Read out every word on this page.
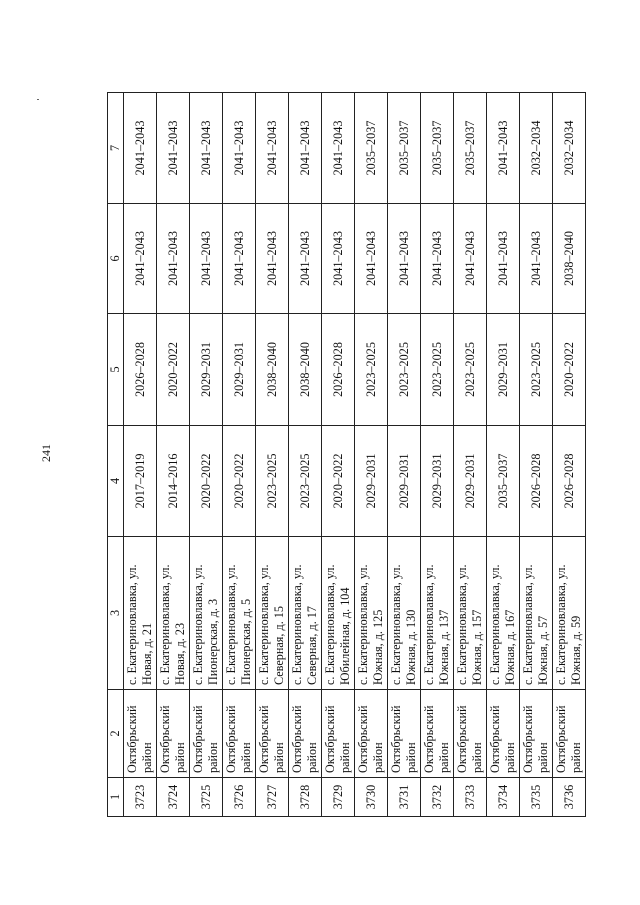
241
1	2	3	4	5	6	7
3723	Октябрьский район	с. Екатериновлавка, ул. Новая, д. 21	2017–2019	2026–2028	2041–2043	2041–2043
3724	Октябрьский район	с. Екатериновлавка, ул. Новая, д. 23	2014–2016	2020–2022	2041–2043	2041–2043
3725	Октябрьский район	с. Екатериновлавка, ул. Пионерская, д. 3	2020–2022	2029–2031	2041–2043	2041–2043
3726	Октябрьский район	с. Екатериновлавка, ул. Пионерская, д. 5	2020–2022	2029–2031	2041–2043	2041–2043
3727	Октябрьский район	с. Екатериновлавка, ул. Северная, д. 15	2023–2025	2038–2040	2041–2043	2041–2043
3728	Октябрьский район	с. Екатериновлавка, ул. Северная, д. 17	2023–2025	2038–2040	2041–2043	2041–2043
3729	Октябрьский район	с. Екатериновлавка, ул. Юбилейная, д. 104	2020–2022	2026–2028	2041–2043	2041–2043
3730	Октябрьский район	с. Екатериновлавка, ул. Южная, д. 125	2029–2031	2023–2025	2041–2043	2035–2037
3731	Октябрьский район	с. Екатериновлавка, ул. Южная, д. 130	2029–2031	2023–2025	2041–2043	2035–2037
3732	Октябрьский район	с. Екатериновлавка, ул. Южная, д. 137	2029–2031	2023–2025	2041–2043	2035–2037
3733	Октябрьский район	с. Екатериновлавка, ул. Южная, д. 157	2029–2031	2023–2025	2041–2043	2035–2037
3734	Октябрьский район	с. Екатериновлавка, ул. Южная, д. 167	2035–2037	2029–2031	2041–2043	2041–2043
3735	Октябрьский район	с. Екатериновлавка, ул. Южная, д. 57	2026–2028	2023–2025	2041–2043	2032–2034
3736	Октябрьский район	с. Екатериновлавка, ул. Южная, д. 59	2026–2028	2020–2022	2038–2040	2032–2034
